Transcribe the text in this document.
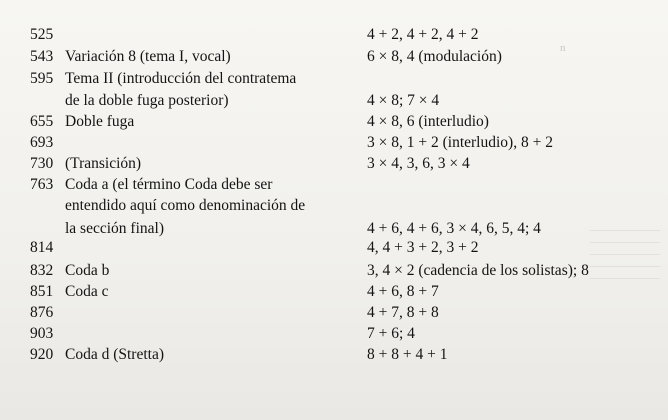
n
525	4 + 2, 4 + 2, 4 + 2
543 Variación 8 (tema I, vocal)	6 × 8, 4 (modulación)
595 Tema II (introducción del contratema
de la doble fuga posterior)	4 × 8; 7 × 4
655 Doble fuga	4 × 8, 6 (interludio)
693	3 × 8, 1 + 2 (interludio), 8 + 2
730 (Transición)	3 × 4, 3, 6, 3 × 4
763 Coda a (el término Coda debe ser
entendido aquí como denominación de
la sección final)	4 + 6, 4 + 6, 3 × 4, 6, 5, 4; 4
814	4, 4 + 3 + 2, 3 + 2
832 Coda b	3, 4 × 2 (cadencia de los solistas); 8
851 Coda c	4 + 6, 8 + 7
876	4 + 7, 8 + 8
903	7 + 6; 4
920 Coda d (Stretta)	8 + 8 + 4 + 1
